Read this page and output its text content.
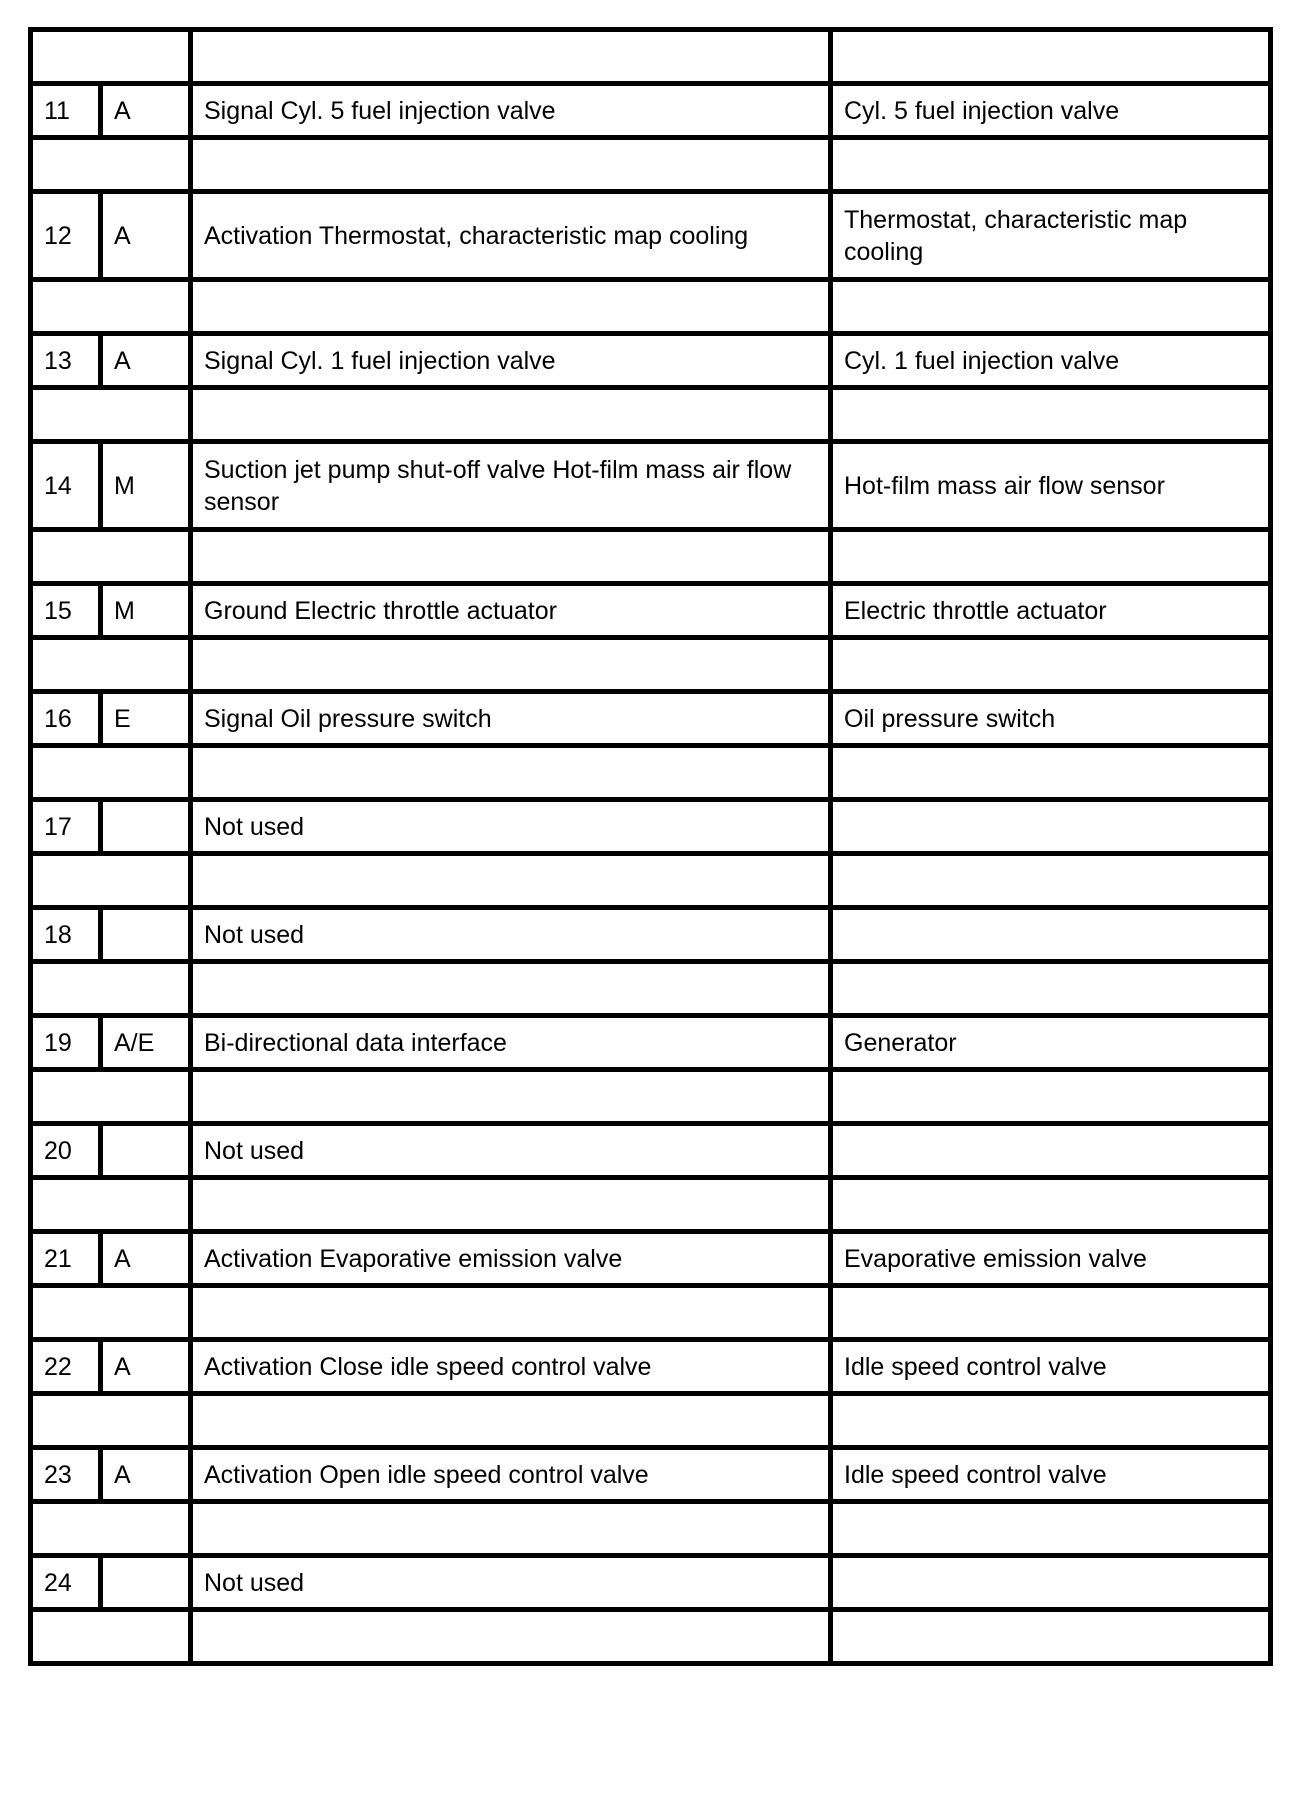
11	A	Signal Cyl. 5 fuel injection valve	Cyl. 5 fuel injection valve

12	A	Activation Thermostat, characteristic map cooling	Thermostat, characteristic map cooling

13	A	Signal Cyl. 1 fuel injection valve	Cyl. 1 fuel injection valve

14	M	Suction jet pump shut-off valve Hot-film mass air flow sensor	Hot-film mass air flow sensor

15	M	Ground Electric throttle actuator	Electric throttle actuator

16	E	Signal Oil pressure switch	Oil pressure switch

17		Not used	

18		Not used	

19	A/E	Bi-directional data interface	Generator

20		Not used	

21	A	Activation Evaporative emission valve	Evaporative emission valve

22	A	Activation Close idle speed control valve	Idle speed control valve

23	A	Activation Open idle speed control valve	Idle speed control valve

24		Not used	
